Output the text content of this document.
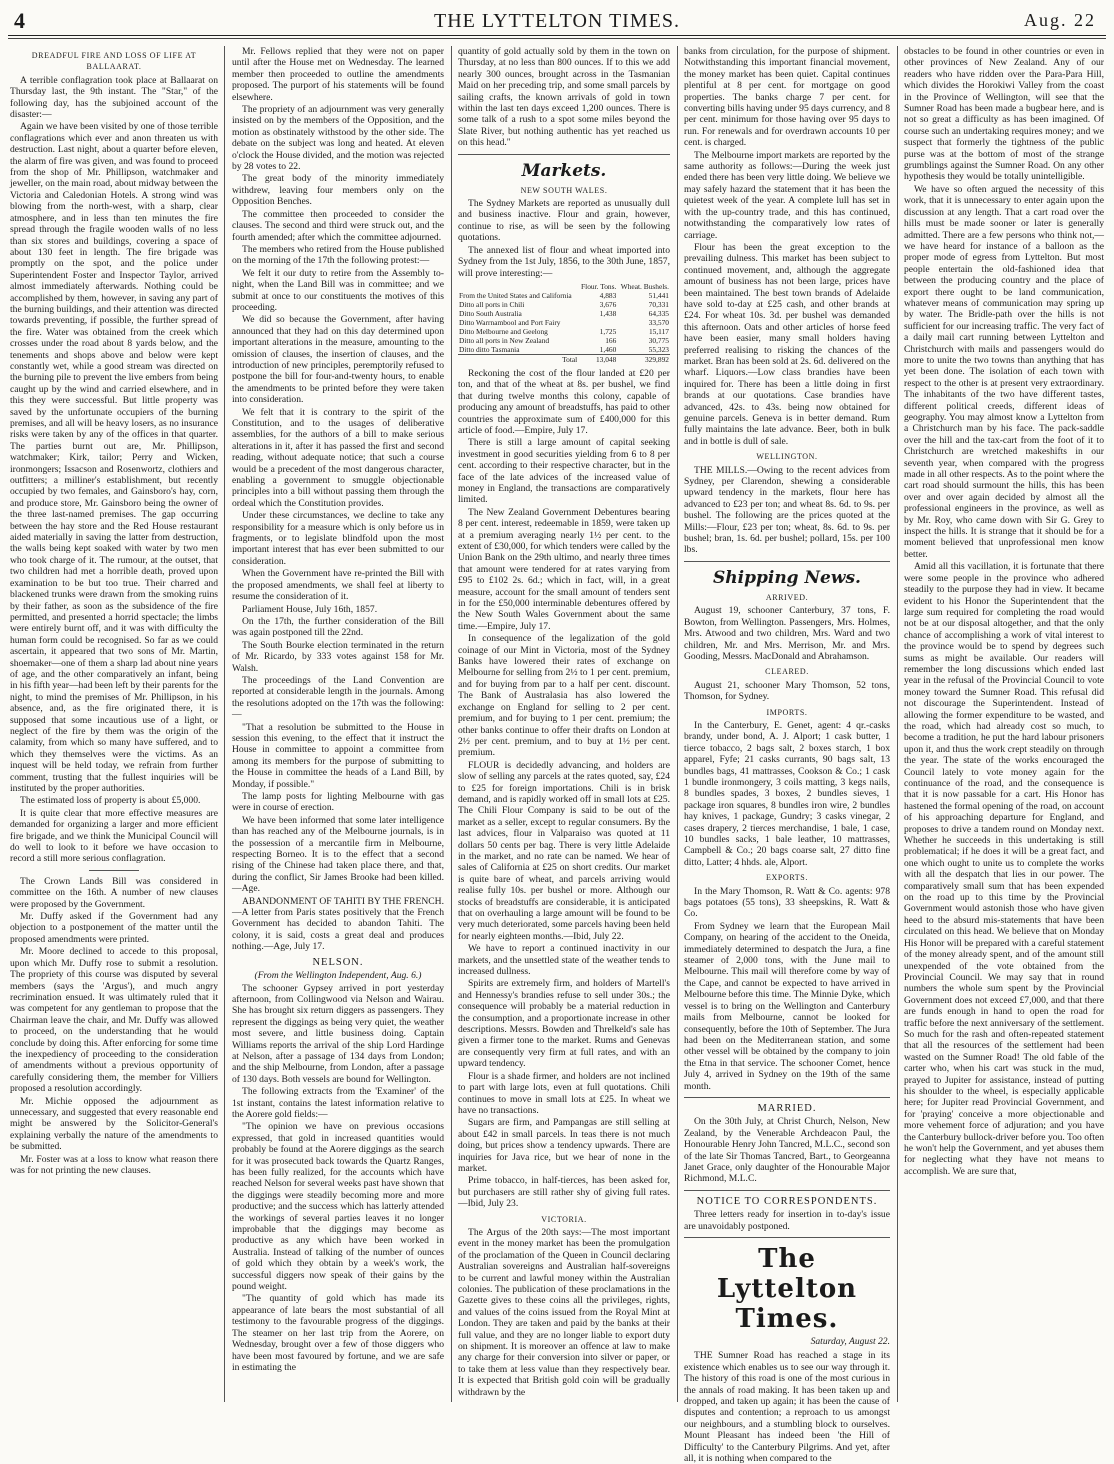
4	THE LYTTELTON TIMES.	Aug. 22
DREADFUL FIRE AND LOSS OF LIFE AT BALLAARAT.

A terrible conflagration took place at Ballaarat on Thursday last, the 9th instant. The "Star," of the following day, has the subjoined account of the disaster:—

Again we have been visited by one of those terrible conflagrations which ever and anon threaten us with destruction. Last night, about a quarter before eleven, the alarm of fire was given, and was found to proceed from the shop of Mr. Phillipson, watchmaker and jeweller, on the main road, about midway between the Victoria and Caledonian Hotels. A strong wind was blowing from the north-west, with a sharp, clear atmosphere, and in less than ten minutes the fire spread through the fragile wooden walls of no less than six stores and buildings, covering a space of about 130 feet in length. The fire brigade was promptly on the spot, and the police under Superintendent Foster and Inspector Taylor, arrived almost immediately afterwards. Nothing could be accomplished by them, however, in saving any part of the burning buildings, and their attention was directed towards preventing, if possible, the further spread of the fire. Water was obtained from the creek which crosses under the road about 8 yards below, and the tenements and shops above and below were kept constantly wet, while a good stream was directed on the burning pile to prevent the live embers from being caught up by the wind and carried elsewhere, and in this they were successful. But little property was saved by the unfortunate occupiers of the burning premises, and all will be heavy losers, as no insurance risks were taken by any of the offices in that quarter. The parties burnt out are, Mr. Phillipson, watchmaker; Kirk, tailor; Perry and Wicken, ironmongers; Issacson and Rosenwortz, clothiers and outfitters; a milliner's establishment, but recently occupied by two females, and Gainsboro's hay, corn, and produce store, Mr. Gainsboro being the owner of the three last-named premises. The gap occurring between the hay store and the Red House restaurant aided materially in saving the latter from destruction, the walls being kept soaked with water by two men who took charge of it. The rumour, at the outset, that two children had met a horrible death, proved upon examination to be but too true. Their charred and blackened trunks were drawn from the smoking ruins by their father, as soon as the subsidence of the fire permitted, and presented a horrid spectacle; the limbs were entirely burnt off, and it was with difficulty the human form could be recognised. So far as we could ascertain, it appeared that two sons of Mr. Martin, shoemaker—one of them a sharp lad about nine years of age, and the other comparatively an infant, being in his fifth year—had been left by their parents for the night, to mind the premises of Mr. Phillipson, in his absence, and, as the fire originated there, it is supposed that some incautious use of a light, or neglect of the fire by them was the origin of the calamity, from which so many have suffered, and to which they themselves were the victims. As an inquest will be held today, we refrain from further comment, trusting that the fullest inquiries will be instituted by the proper authorities.

The estimated loss of property is about £5,000.

It is quite clear that more effective measures are demanded for organizing a larger and more efficient fire brigade, and we think the Municipal Council will do well to look to it before we have occasion to record a still more serious conflagration.

The Crown Lands Bill was considered in committee on the 16th. A number of new clauses were proposed by the Government.

Mr. Duffy asked if the Government had any objection to a postponement of the matter until the proposed amendments were printed.

Mr. Moore declined to accede to this proposal, upon which Mr. Duffy rose to submit a resolution. The propriety of this course was disputed by several members (says the 'Argus'), and much angry recrimination ensued. It was ultimately ruled that it was competent for any gentleman to propose that the Chairman leave the chair, and Mr. Duffy was allowed to proceed, on the understanding that he would conclude by doing this. After enforcing for some time the inexpediency of proceeding to the consideration of amendments without a previous opportunity of carefully considering them, the member for Villiers proposed a resolution accordingly.

Mr. Michie opposed the adjournment as unnecessary, and suggested that every reasonable end might be answered by the Solicitor-General's explaining verbally the nature of the amendments to be submitted.

Mr. Foster was at a loss to know what reason there was for not printing the new clauses.

Mr. Fellows replied that they were not on paper until after the House met on Wednesday. The learned member then proceeded to outline the amendments proposed. The purport of his statements will be found elsewhere.

The propriety of an adjournment was very generally insisted on by the members of the Opposition, and the motion as obstinately withstood by the other side. The debate on the subject was long and heated. At eleven o'clock the House divided, and the motion was rejected by 28 votes to 22.

The great body of the minority immediately withdrew, leaving four members only on the Opposition Benches.

The committee then proceeded to consider the clauses. The second and third were struck out, and the fourth amended; after which the committee adjourned.

The members who retired from the House published on the morning of the 17th the following protest:—

We felt it our duty to retire from the Assembly to-night, when the Land Bill was in committee; and we submit at once to our constituents the motives of this proceeding.

We did so because the Government, after having announced that they had on this day determined upon important alterations in the measure, amounting to the omission of clauses, the insertion of clauses, and the introduction of new principles, peremptorily refused to postpone the bill for four-and-twenty hours, to enable the amendments to be printed before they were taken into consideration.

We felt that it is contrary to the spirit of the Constitution, and to the usages of deliberative assemblies, for the authors of a bill to make serious alterations in it, after it has passed the first and second reading, without adequate notice; that such a course would be a precedent of the most dangerous character, enabling a government to smuggle objectionable principles into a bill without passing them through the ordeal which the Constitution provides.

Under these circumstances, we decline to take any responsibility for a measure which is only before us in fragments, or to legislate blindfold upon the most important interest that has ever been submitted to our consideration.

When the Government have re-printed the Bill with the proposed amendments, we shall feel at liberty to resume the consideration of it.

Parliament House, July 16th, 1857.

On the 17th, the further consideration of the Bill was again postponed till the 22nd.

The South Bourke election terminated in the return of Mr. Ricardo, by 333 votes against 158 for Mr. Walsh.

The proceedings of the Land Convention are reported at considerable length in the journals. Among the resolutions adopted on the 17th was the following:—

"That a resolution be submitted to the House in session this evening, to the effect that it instruct the House in committee to appoint a committee from among its members for the purpose of submitting to the House in committee the heads of a Land Bill, by Monday, if possible."

The lamp posts for lighting Melbourne with gas were in course of erection.

We have been informed that some later intelligence than has reached any of the Melbourne journals, is in the possession of a mercantile firm in Melbourne, respecting Borneo. It is to the effect that a second rising of the Chinese had taken place there, and that, during the conflict, Sir James Brooke had been killed.—Age.

ABANDONMENT OF TAHITI BY THE FRENCH. —A letter from Paris states positively that the French Government has decided to abandon Tahiti. The colony, it is said, costs a great deal and produces nothing.—Age, July 17.

NELSON.

(From the Wellington Independent, Aug. 6.)

The schooner Gypsey arrived in port yesterday afternoon, from Collingwood via Nelson and Wairau. She has brought six return diggers as passengers. They represent the diggings as being very quiet, the weather most severe, and little business doing. Captain Williams reports the arrival of the ship Lord Hardinge at Nelson, after a passage of 134 days from London; and the ship Melbourne, from London, after a passage of 130 days. Both vessels are bound for Wellington.

The following extracts from the 'Examiner' of the 1st instant, contains the latest information relative to the Aorere gold fields:—

"The opinion we have on previous occasions expressed, that gold in increased quantities would probably be found at the Aorere diggings as the search for it was prosecuted back towards the Quartz Ranges, has been fully realized, for the accounts which have reached Nelson for several weeks past have shown that the diggings were steadily becoming more and more productive; and the success which has latterly attended the workings of several parties leaves it no longer improbable that the diggings may become as productive as any which have been worked in Australia. Instead of talking of the number of ounces of gold which they obtain by a week's work, the successful diggers now speak of their gains by the pound weight.

"The quantity of gold which has made its appearance of late bears the most substantial of all testimony to the favourable progress of the diggings. The steamer on her last trip from the Aorere, on Wednesday, brought over a few of those diggers who have been most favoured by fortune, and we are safe in estimating the

quantity of gold actually sold by them in the town on Thursday, at no less than 800 ounces. If to this we add nearly 300 ounces, brought across in the Tasmanian Maid on her preceding trip, and some small parcels by sailing crafts, the known arrivals of gold in town within the last ten days exceed 1,200 ounces. There is some talk of a rush to a spot some miles beyond the Slate River, but nothing authentic has yet reached us on this head."

Markets.
NEW SOUTH WALES.

The Sydney Markets are reported as unusually dull and business inactive. Flour and grain, however, continue to rise, as will be seen by the following quotations.

The annexed list of flour and wheat imported into Sydney from the 1st July, 1856, to the 30th June, 1857, will prove interesting:—

	Flour. Tons.	Wheat. Bushels.
From the United States and California	4,883	51,441
Ditto all ports in Chili	3,676	70,331
Ditto South Australia	1,438	64,335
Ditto Warrnambool and Port Fairy		33,570
Ditto Melbourne and Geelong	1,725	15,117
Ditto all ports in New Zealand	166	30,775
Ditto ditto Tasmania	1,460	55,323
Total	13,048	329,892

Reckoning the cost of the flour landed at £20 per ton, and that of the wheat at 8s. per bushel, we find that during twelve months this colony, capable of producing any amount of breadstuffs, has paid to other countries the approximate sum of £400,000 for this article of food.—Empire, July 17.

There is still a large amount of capital seeking investment in good securities yielding from 6 to 8 per cent. according to their respective character, but in the face of the late advices of the increased value of money in England, the transactions are comparatively limited.

The New Zealand Government Debentures bearing 8 per cent. interest, redeemable in 1859, were taken up at a premium averaging nearly 1½ per cent. to the extent of £30,000, for which tenders were called by the Union Bank on the 29th ultimo, and nearly three times that amount were tendered for at rates varying from £95 to £102 2s. 6d.; which in fact, will, in a great measure, account for the small amount of tenders sent in for the £50,000 interminable debentures offered by the New South Wales Government about the same time.—Empire, July 17.

In consequence of the legalization of the gold coinage of our Mint in Victoria, most of the Sydney Banks have lowered their rates of exchange on Melbourne for selling from 2½ to 1 per cent. premium, and for buying from par to a half per cent. discount. The Bank of Australasia has also lowered the exchange on England for selling to 2 per cent. premium, and for buying to 1 per cent. premium; the other banks continue to offer their drafts on London at 2½ per cent. premium, and to buy at 1½ per cent. premium.

FLOUR is decidedly advancing, and holders are slow of selling any parcels at the rates quoted, say, £24 to £25 for foreign importations. Chili is in brisk demand, and is rapidly worked off in small lots at £25. The Chili Flour Company is said to be out of the market as a seller, except to regular consumers. By the last advices, flour in Valparaiso was quoted at 11 dollars 50 cents per bag. There is very little Adelaide in the market, and no rate can be named. We hear of sales of California at £25 on short credits. Our market is quite bare of wheat, and parcels arriving would realise fully 10s. per bushel or more. Although our stocks of breadstuffs are considerable, it is anticipated that on overhauling a large amount will be found to be very much deteriorated, some parcels having been held for nearly eighteen months.—Ibid, July 22.

We have to report a continued inactivity in our markets, and the unsettled state of the weather tends to increased dullness.

Spirits are extremely firm, and holders of Martell's and Hennessy's brandies refuse to sell under 30s.; the consequence will probably be a material reduction in the consumption, and a proportionate increase in other descriptions. Messrs. Bowden and Threlkeld's sale has given a firmer tone to the market. Rums and Genevas are consequently very firm at full rates, and with an upward tendency.

Flour is a shade firmer, and holders are not inclined to part with large lots, even at full quotations. Chili continues to move in small lots at £25. In wheat we have no transactions.

Sugars are firm, and Pampangas are still selling at about £42 in small parcels. In teas there is not much doing, but prices show a tendency upwards. There are inquiries for Java rice, but we hear of none in the market.

Prime tobacco, in half-tierces, has been asked for, but purchasers are still rather shy of giving full rates.—Ibid, July 23.

VICTORIA.

The Argus of the 20th says:—The most important event in the money market has been the promulgation of the proclamation of the Queen in Council declaring Australian sovereigns and Australian half-sovereigns to be current and lawful money within the Australian colonies. The publication of these proclamations in the Gazette gives to these coins all the privileges, rights, and values of the coins issued from the Royal Mint at London. They are taken and paid by the banks at their full value, and they are no longer liable to export duty on shipment. It is moreover an offence at law to make any charge for their conversion into silver or paper, or to take them at less value than they respectively bear. It is expected that British gold coin will be gradually withdrawn by the

banks from circulation, for the purpose of shipment. Notwithstanding this important financial movement, the money market has been quiet. Capital continues plentiful at 8 per cent. for mortgage on good properties. The banks charge 7 per cent. for converting bills having under 95 days currency, and 8 per cent. minimum for those having over 95 days to run. For renewals and for overdrawn accounts 10 per cent. is charged.

The Melbourne import markets are reported by the same authority as follows:—During the week just ended there has been very little doing. We believe we may safely hazard the statement that it has been the quietest week of the year. A complete lull has set in with the up-country trade, and this has continued, notwithstanding the comparatively low rates of carriage.

Flour has been the great exception to the prevailing dulness. This market has been subject to continued movement, and, although the aggregate amount of business has not been large, prices have been maintained. The best town brands of Adelaide have sold to-day at £25 cash, and other brands at £24. For wheat 10s. 3d. per bushel was demanded this afternoon. Oats and other articles of horse feed have been easier, many small holders having preferred realising to risking the chances of the market. Bran has been sold at 2s. 6d. delivered on the wharf. Liquors.—Low class brandies have been inquired for. There has been a little doing in first brands at our quotations. Case brandies have advanced, 42s. to 43s. being now obtained for genuine parcels. Geneva is in better demand. Rum fully maintains the late advance. Beer, both in bulk and in bottle is dull of sale.

WELLINGTON.

THE MILLS.—Owing to the recent advices from Sydney, per Clarendon, shewing a considerable upward tendency in the markets, flour here has advanced to £23 per ton; and wheat 8s. 6d. to 9s. per bushel. The following are the prices quoted at the Mills:—Flour, £23 per ton; wheat, 8s. 6d. to 9s. per bushel; bran, 1s. 6d. per bushel; pollard, 15s. per 100 lbs.

Shipping News.
ARRIVED.

August 19, schooner Canterbury, 37 tons, F. Bowton, from Wellington. Passengers, Mrs. Holmes, Mrs. Atwood and two children, Mrs. Ward and two children, Mr. and Mrs. Merrison, Mr. and Mrs. Gooding, Messrs. MacDonald and Abrahamson.

CLEARED.

August 21, schooner Mary Thomson, 52 tons, Thomson, for Sydney.

IMPORTS.

In the Canterbury, E. Genet, agent: 4 qr.-casks brandy, under bond, A. J. Alport; 1 cask butter, 1 tierce tobacco, 2 bags salt, 2 boxes starch, 1 box apparel, Fyfe; 21 casks currants, 90 bags salt, 13 bundles bags, 41 mattrasses, Cookson & Co.; 1 cask 1 bundle ironmongery, 3 coils matting, 3 kegs nails, 8 bundles spades, 3 boxes, 2 bundles sieves, 1 package iron squares, 8 bundles iron wire, 2 bundles hay knives, 1 package, Gundry; 3 casks vinegar, 2 cases drapery, 2 tierces merchandise, 1 bale, 1 case, 10 bundles sacks, 1 bale leather, 10 mattrasses, Campbell & Co.; 20 bags coarse salt, 27 ditto fine ditto, Latter; 4 hhds. ale, Alport.

EXPORTS.

In the Mary Thomson, R. Watt & Co. agents: 978 bags potatoes (55 tons), 33 sheepskins, R. Watt & Co.

From Sydney we learn that the European Mail Company, on hearing of the accident to the Oneida, immediately determined to despatch the Jura, a fine steamer of 2,000 tons, with the June mail to Melbourne. This mail will therefore come by way of the Cape, and cannot be expected to have arrived in Melbourne before this time. The Minnie Dyke, which vessel is to bring on the Wellington and Canterbury mails from Melbourne, cannot be looked for consequently, before the 10th of September. The Jura had been on the Mediterranean station, and some other vessel will be obtained by the company to join the Etna in that service. The schooner Comet, hence July 4, arrived in Sydney on the 19th of the same month.

MARRIED.

On the 30th July, at Christ Church, Nelson, New Zealand, by the Venerable Archdeacon Paul, the Honourable Henry John Tancred, M.L.C., second son of the late Sir Thomas Tancred, Bart., to Georgeanna Janet Grace, only daughter of the Honourable Major Richmond, M.L.C.

NOTICE TO CORRESPONDENTS.

Three letters ready for insertion in to-day's issue are unavoidably postponed.

The Lyttelton Times.

Saturday, August 22.

THE Sumner Road has reached a stage in its existence which enables us to see our way through it. The history of this road is one of the most curious in the annals of road making. It has been taken up and dropped, and taken up again; it has been the cause of disputes and contention; a reproach to us amongst our neighbours, and a stumbling block to ourselves. Mount Pleasant has indeed been 'the Hill of Difficulty' to the Canterbury Pilgrims. And yet, after all, it is nothing when compared to the

obstacles to be found in other countries or even in other provinces of New Zealand. Any of our readers who have ridden over the Para-Para Hill, which divides the Horokiwi Valley from the coast in the Province of Wellington, will see that the Sumner Road has been made a bugbear here, and is not so great a difficulty as has been imagined. Of course such an undertaking requires money; and we suspect that formerly the tightness of the public purse was at the bottom of most of the strange grumblings against the Sumner Road. On any other hypothesis they would be totally unintelligible.

We have so often argued the necessity of this work, that it is unnecessary to enter again upon the discussion at any length. That a cart road over the hills must be made sooner or later is generally admitted. There are a few persons who think not,—we have heard for instance of a balloon as the proper mode of egress from Lyttelton. But most people entertain the old-fashioned idea that between the producing country and the place of export there ought to be land communication, whatever means of communication may spring up by water. The Bridle-path over the hills is not sufficient for our increasing traffic. The very fact of a daily mail cart running between Lyttelton and Christchurch with mails and passengers would do more to unite the two towns than anything that has yet been done. The isolation of each town with respect to the other is at present very extraordinary. The inhabitants of the two have different tastes, different political creeds, different ideas of geography. You may almost know a Lyttelton from a Christchurch man by his face. The pack-saddle over the hill and the tax-cart from the foot of it to Christchurch are wretched makeshifts in our seventh year, when compared with the progress made in all other respects. As to the point where the cart road should surmount the hills, this has been over and over again decided by almost all the professional engineers in the province, as well as by Mr. Roy, who came down with Sir G. Grey to inspect the hills. It is strange that it should be for a moment believed that unprofessional men know better.

Amid all this vacillation, it is fortunate that there were some people in the province who adhered steadily to the purpose they had in view. It became evident to his Honor the Superintendent that the large sum required for completing the road would not be at our disposal altogether, and that the only chance of accomplishing a work of vital interest to the province would be to spend by degrees such sums as might be available. Our readers will remember the long discussions which ended last year in the refusal of the Provincial Council to vote money toward the Sumner Road. This refusal did not discourage the Superintendent. Instead of allowing the former expenditure to be wasted, and the road, which had already cost so much, to become a tradition, he put the hard labour prisoners upon it, and thus the work crept steadily on through the year. The state of the works encouraged the Council lately to vote money again for the continuance of the road, and the consequence is that it is now passable for a cart. His Honor has hastened the formal opening of the road, on account of his approaching departure for England, and proposes to drive a tandem round on Monday next. Whether he succeeds in this undertaking is still problematical; if he does it will be a great fact, and one which ought to unite us to complete the works with all the despatch that lies in our power. The comparatively small sum that has been expended on the road up to this time by the Provincial Government would astonish those who have given heed to the absurd mis-statements that have been circulated on this head. We believe that on Monday His Honor will be prepared with a careful statement of the money already spent, and of the amount still unexpended of the vote obtained from the Provincial Council. We may say that in round numbers the whole sum spent by the Provincial Government does not exceed £7,000, and that there are funds enough in hand to open the road for traffic before the next anniversary of the settlement. So much for the rash and often-repeated statement that all the resources of the settlement had been wasted on the Sumner Road! The old fable of the carter who, when his cart was stuck in the mud, prayed to Jupiter for assistance, instead of putting his shoulder to the wheel, is especially applicable here; for Jupiter read Provincial Government, and for 'praying' conceive a more objectionable and more vehement force of adjuration; and you have the Canterbury bullock-driver before you. Too often he won't help the Government, and yet abuses them for neglecting what they have not means to accomplish. We are sure that,
